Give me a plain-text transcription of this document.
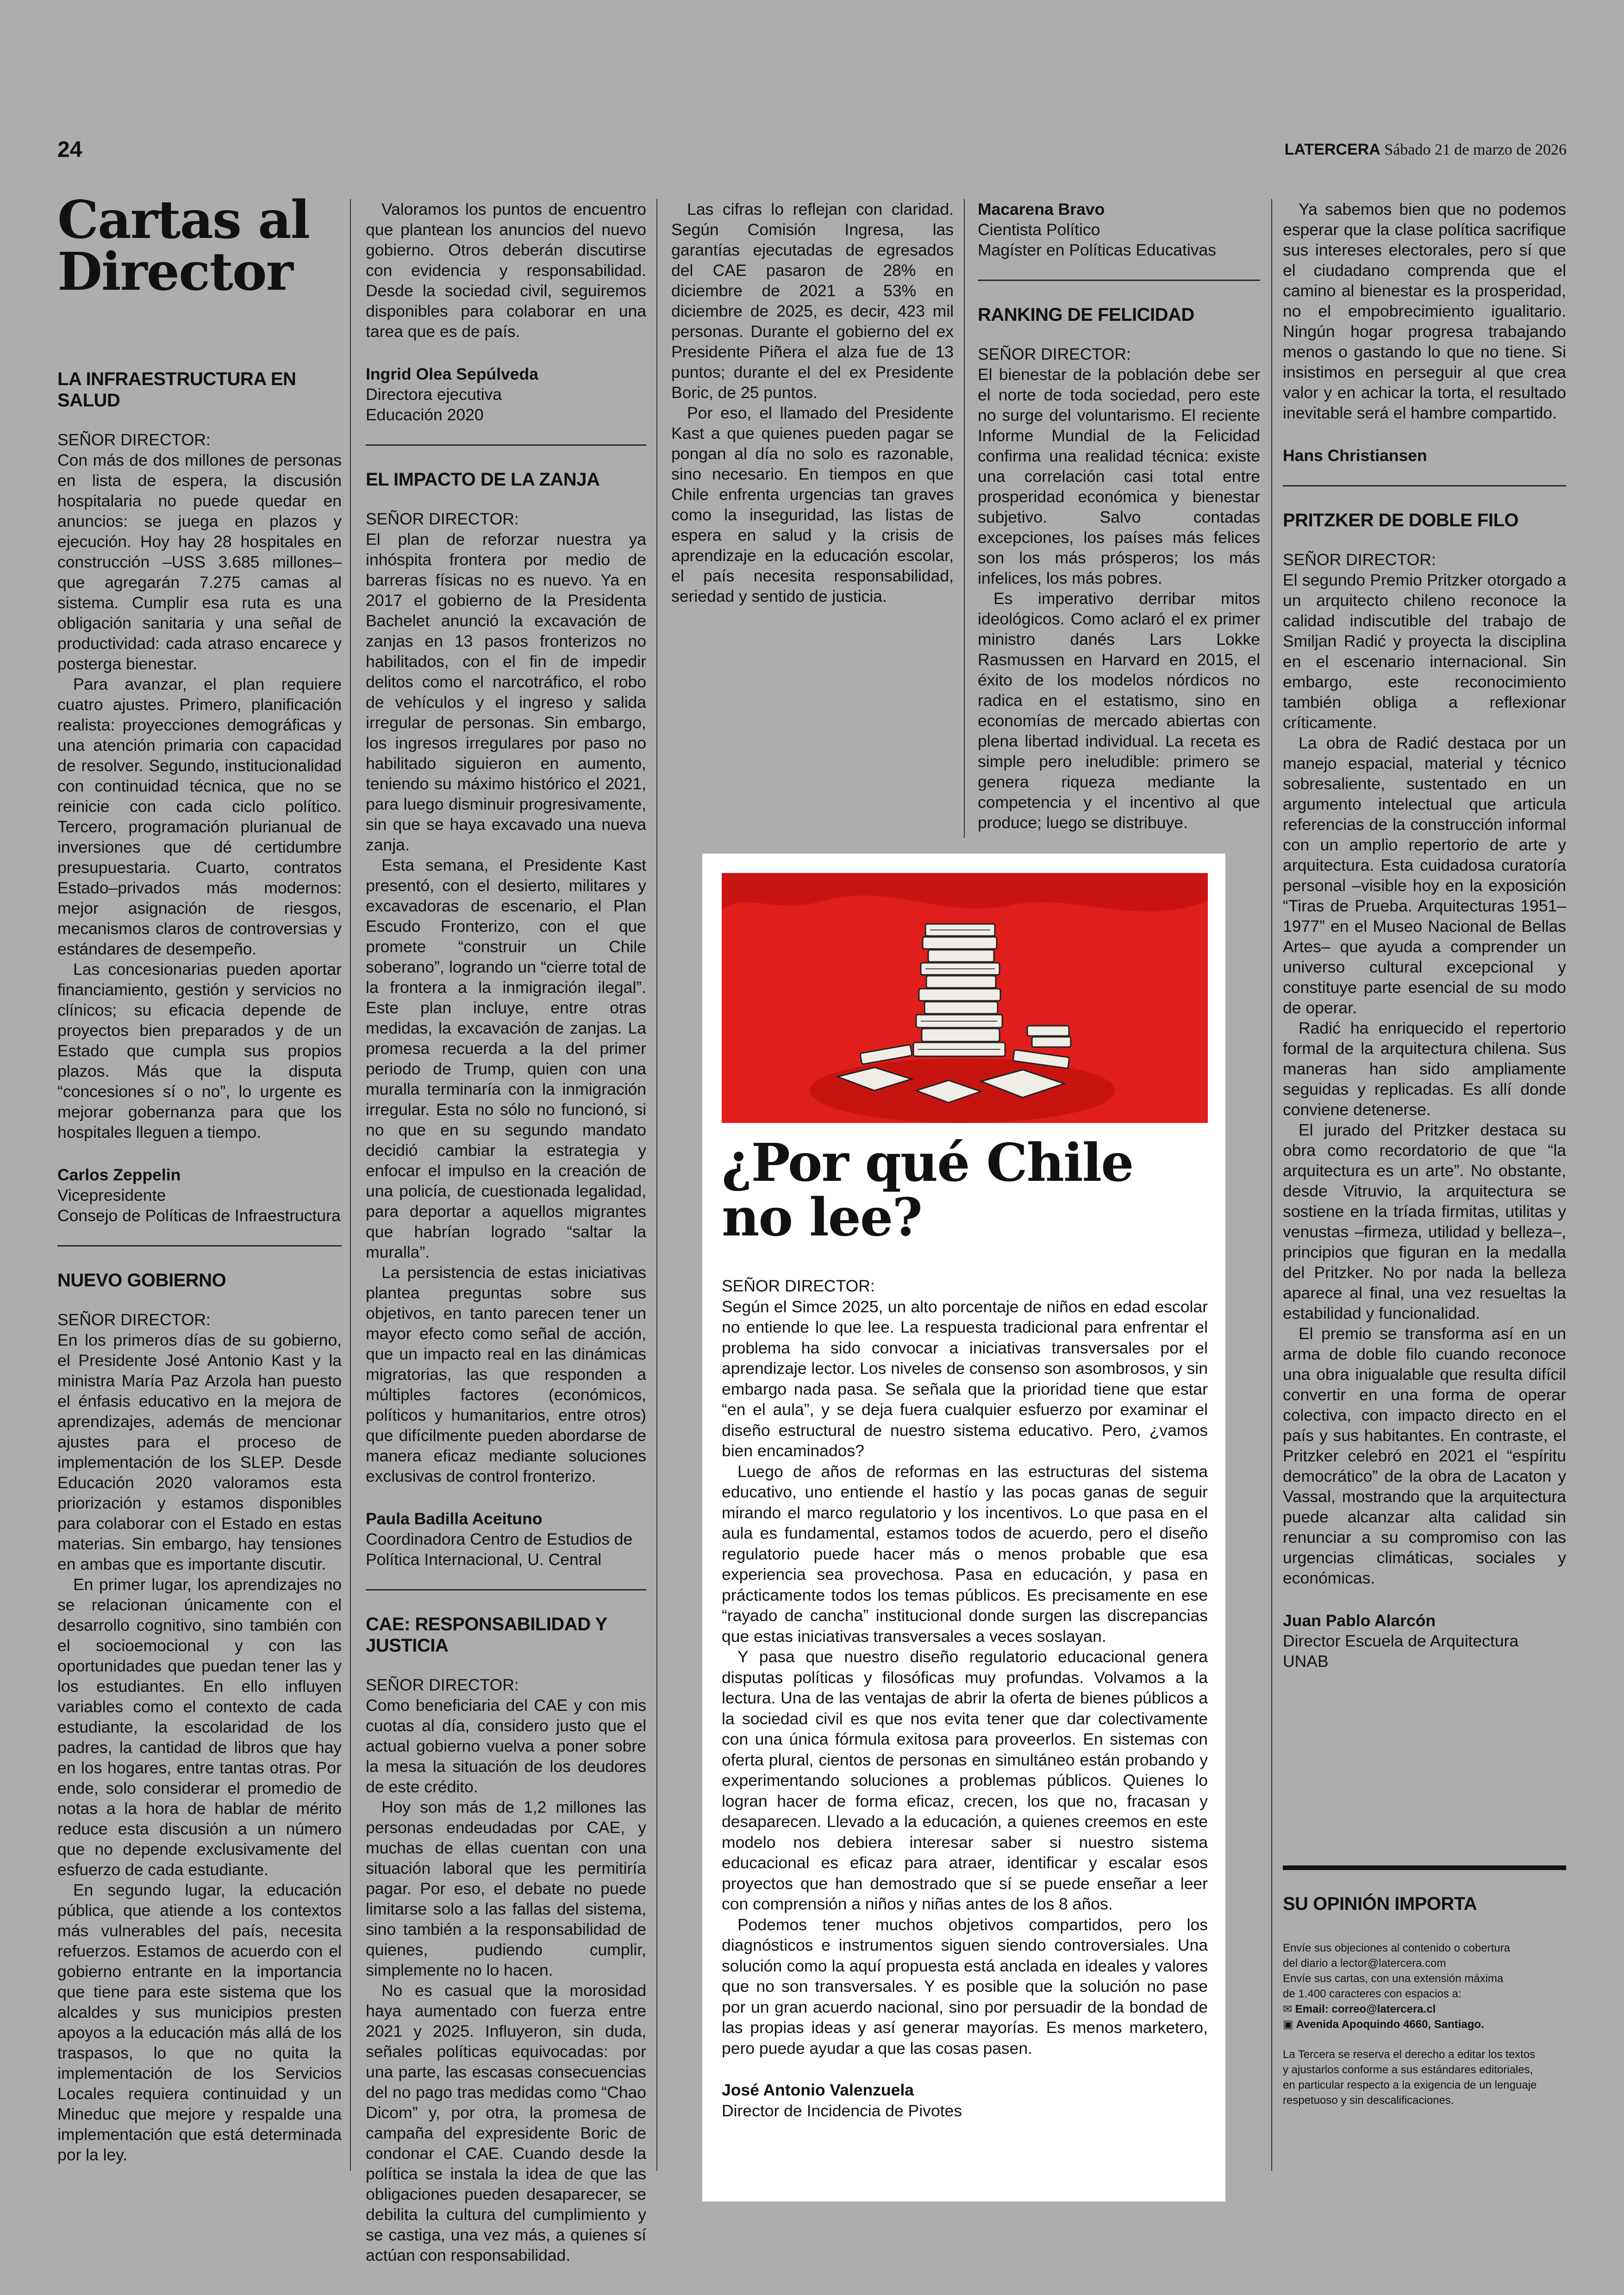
24	LATERCERA Sábado 21 de marzo de 2026
Cartas al Director
LA INFRAESTRUCTURA EN SALUD

SEÑOR DIRECTOR:

Con más de dos millones de personas en lista de espera, la discusión hospitalaria no puede quedar en anuncios: se juega en plazos y ejecución. Hoy hay 28 hospitales en construcción –USS 3.685 millones– que agregarán 7.275 camas al sistema. Cumplir esa ruta es una obligación sanitaria y una señal de productividad: cada atraso encarece y posterga bienestar.

Para avanzar, el plan requiere cuatro ajustes. Primero, planificación realista: proyecciones demográficas y una atención primaria con capacidad de resolver. Segundo, institucionalidad con continuidad técnica, que no se reinicie con cada ciclo político. Tercero, programación plurianual de inversiones que dé certidumbre presupuestaria. Cuarto, contratos Estado–privados más modernos: mejor asignación de riesgos, mecanismos claros de controversias y estándares de desempeño.

Las concesionarias pueden aportar financiamiento, gestión y servicios no clínicos; su eficacia depende de proyectos bien preparados y de un Estado que cumpla sus propios plazos. Más que la disputa “concesiones sí o no”, lo urgente es mejorar gobernanza para que los hospitales lleguen a tiempo.

Carlos Zeppelin
Vicepresidente
Consejo de Políticas de Infraestructura
NUEVO GOBIERNO

SEÑOR DIRECTOR:

En los primeros días de su gobierno, el Presidente José Antonio Kast y la ministra María Paz Arzola han puesto el énfasis educativo en la mejora de aprendizajes, además de mencionar ajustes para el proceso de implementación de los SLEP. Desde Educación 2020 valoramos esta priorización y estamos disponibles para colaborar con el Estado en estas materias. Sin embargo, hay tensiones en ambas que es importante discutir.

En primer lugar, los aprendizajes no se relacionan únicamente con el desarrollo cognitivo, sino también con el socioemocional y con las oportunidades que puedan tener las y los estudiantes. En ello influyen variables como el contexto de cada estudiante, la escolaridad de los padres, la cantidad de libros que hay en los hogares, entre tantas otras. Por ende, solo considerar el promedio de notas a la hora de hablar de mérito reduce esta discusión a un número que no depende exclusivamente del esfuerzo de cada estudiante.

En segundo lugar, la educación pública, que atiende a los contextos más vulnerables del país, necesita refuerzos. Estamos de acuerdo con el gobierno entrante en la importancia que tiene para este sistema que los alcaldes y sus municipios presten apoyos a la educación más allá de los traspasos, lo que no quita la implementación de los Servicios Locales requiera continuidad y un Mineduc que mejore y respalde una implementación que está determinada por la ley.

Valoramos los puntos de encuentro que plantean los anuncios del nuevo gobierno. Otros deberán discutirse con evidencia y responsabilidad. Desde la sociedad civil, seguiremos disponibles para colaborar en una tarea que es de país.

Ingrid Olea Sepúlveda
Directora ejecutiva
Educación 2020
EL IMPACTO DE LA ZANJA

SEÑOR DIRECTOR:

El plan de reforzar nuestra ya inhóspita frontera por medio de barreras físicas no es nuevo. Ya en 2017 el gobierno de la Presidenta Bachelet anunció la excavación de zanjas en 13 pasos fronterizos no habilitados, con el fin de impedir delitos como el narcotráfico, el robo de vehículos y el ingreso y salida irregular de personas. Sin embargo, los ingresos irregulares por paso no habilitado siguieron en aumento, teniendo su máximo histórico el 2021, para luego disminuir progresivamente, sin que se haya excavado una nueva zanja.

Esta semana, el Presidente Kast presentó, con el desierto, militares y excavadoras de escenario, el Plan Escudo Fronterizo, con el que promete “construir un Chile soberano”, logrando un “cierre total de la frontera a la inmigración ilegal”. Este plan incluye, entre otras medidas, la excavación de zanjas. La promesa recuerda a la del primer periodo de Trump, quien con una muralla terminaría con la inmigración irregular. Esta no sólo no funcionó, si no que en su segundo mandato decidió cambiar la estrategia y enfocar el impulso en la creación de una policía, de cuestionada legalidad, para deportar a aquellos migrantes que habrían logrado “saltar la muralla”.

La persistencia de estas iniciativas plantea preguntas sobre sus objetivos, en tanto parecen tener un mayor efecto como señal de acción, que un impacto real en las dinámicas migratorias, las que responden a múltiples factores (económicos, políticos y humanitarios, entre otros) que difícilmente pueden abordarse de manera eficaz mediante soluciones exclusivas de control fronterizo.

Paula Badilla Aceituno
Coordinadora Centro de Estudios de
Política Internacional, U. Central
CAE: RESPONSABILIDAD Y JUSTICIA

SEÑOR DIRECTOR:

Como beneficiaria del CAE y con mis cuotas al día, considero justo que el actual gobierno vuelva a poner sobre la mesa la situación de los deudores de este crédito.

Hoy son más de 1,2 millones las personas endeudadas por CAE, y muchas de ellas cuentan con una situación laboral que les permitiría pagar. Por eso, el debate no puede limitarse solo a las fallas del sistema, sino también a la responsabilidad de quienes, pudiendo cumplir, simplemente no lo hacen.

No es casual que la morosidad haya aumentado con fuerza entre 2021 y 2025. Influyeron, sin duda, señales políticas equivocadas: por una parte, las escasas consecuencias del no pago tras medidas como “Chao Dicom” y, por otra, la promesa de campaña del expresidente Boric de condonar el CAE. Cuando desde la política se instala la idea de que las obligaciones pueden desaparecer, se debilita la cultura del cumplimiento y se castiga, una vez más, a quienes sí actúan con responsabilidad.

Las cifras lo reflejan con claridad. Según Comisión Ingresa, las garantías ejecutadas de egresados del CAE pasaron de 28% en diciembre de 2021 a 53% en diciembre de 2025, es decir, 423 mil personas. Durante el gobierno del ex Presidente Piñera el alza fue de 13 puntos; durante el del ex Presidente Boric, de 25 puntos.

Por eso, el llamado del Presidente Kast a que quienes pueden pagar se pongan al día no solo es razonable, sino necesario. En tiempos en que Chile enfrenta urgencias tan graves como la inseguridad, las listas de espera en salud y la crisis de aprendizaje en la educación escolar, el país necesita responsabilidad, seriedad y sentido de justicia.

Macarena Bravo
Cientista Político
Magíster en Políticas Educativas
RANKING DE FELICIDAD

SEÑOR DIRECTOR:

El bienestar de la población debe ser el norte de toda sociedad, pero este no surge del voluntarismo. El reciente Informe Mundial de la Felicidad confirma una realidad técnica: existe una correlación casi total entre prosperidad económica y bienestar subjetivo. Salvo contadas excepciones, los países más felices son los más prósperos; los más infelices, los más pobres.

Es imperativo derribar mitos ideológicos. Como aclaró el ex primer ministro danés Lars Lokke Rasmussen en Harvard en 2015, el éxito de los modelos nórdicos no radica en el estatismo, sino en economías de mercado abiertas con plena libertad individual. La receta es simple pero ineludible: primero se genera riqueza mediante la competencia y el incentivo al que produce; luego se distribuye.

Ya sabemos bien que no podemos esperar que la clase política sacrifique sus intereses electorales, pero sí que el ciudadano comprenda que el camino al bienestar es la prosperidad, no el empobrecimiento igualitario. Ningún hogar progresa trabajando menos o gastando lo que no tiene. Si insistimos en perseguir al que crea valor y en achicar la torta, el resultado inevitable será el hambre compartido.

Hans Christiansen
PRITZKER DE DOBLE FILO

SEÑOR DIRECTOR:

El segundo Premio Pritzker otorgado a un arquitecto chileno reconoce la calidad indiscutible del trabajo de Smiljan Radić y proyecta la disciplina en el escenario internacional. Sin embargo, este reconocimiento también obliga a reflexionar críticamente.

La obra de Radić destaca por un manejo espacial, material y técnico sobresaliente, sustentado en un argumento intelectual que articula referencias de la construcción informal con un amplio repertorio de arte y arquitectura. Esta cuidadosa curatoría personal –visible hoy en la exposición “Tiras de Prueba. Arquitecturas 1951–1977” en el Museo Nacional de Bellas Artes– que ayuda a comprender un universo cultural excepcional y constituye parte esencial de su modo de operar.

Radić ha enriquecido el repertorio formal de la arquitectura chilena. Sus maneras han sido ampliamente seguidas y replicadas. Es allí donde conviene detenerse.

El jurado del Pritzker destaca su obra como recordatorio de que “la arquitectura es un arte”. No obstante, desde Vitruvio, la arquitectura se sostiene en la tríada firmitas, utilitas y venustas –firmeza, utilidad y belleza–, principios que figuran en la medalla del Pritzker. No por nada la belleza aparece al final, una vez resueltas la estabilidad y funcionalidad.

El premio se transforma así en un arma de doble filo cuando reconoce una obra inigualable que resulta difícil convertir en una forma de operar colectiva, con impacto directo en el país y sus habitantes. En contraste, el Pritzker celebró en 2021 el “espíritu democrático” de la obra de Lacaton y Vassal, mostrando que la arquitectura puede alcanzar alta calidad sin renunciar a su compromiso con las urgencias climáticas, sociales y económicas.

Juan Pablo Alarcón
Director Escuela de Arquitectura
UNAB
SU OPINIÓN IMPORTA

Envíe sus objeciones al contenido o cobertura

del diario a lector@latercera.com

Envíe sus cartas, con una extensión máxima

de 1.400 caracteres con espacios a:

✉ Email: correo@latercera.cl

▣ Avenida Apoquindo 4660, Santiago.

La Tercera se reserva el derecho a editar los textos

y ajustarlos conforme a sus estándares editoriales,

en particular respecto a la exigencia de un lenguaje

respetuoso y sin descalificaciones.

¿Por qué Chile no lee?

SEÑOR DIRECTOR:

Según el Simce 2025, un alto porcentaje de niños en edad escolar no entiende lo que lee. La respuesta tradicional para enfrentar el problema ha sido convocar a iniciativas transversales por el aprendizaje lector. Los niveles de consenso son asombrosos, y sin embargo nada pasa. Se señala que la prioridad tiene que estar “en el aula”, y se deja fuera cualquier esfuerzo por examinar el diseño estructural de nuestro sistema educativo. Pero, ¿vamos bien encaminados?

Luego de años de reformas en las estructuras del sistema educativo, uno entiende el hastío y las pocas ganas de seguir mirando el marco regulatorio y los incentivos. Lo que pasa en el aula es fundamental, estamos todos de acuerdo, pero el diseño regulatorio puede hacer más o menos probable que esa experiencia sea provechosa. Pasa en educación, y pasa en prácticamente todos los temas públicos. Es precisamente en ese “rayado de cancha” institucional donde surgen las discrepancias que estas iniciativas transversales a veces soslayan.

Y pasa que nuestro diseño regulatorio educacional genera disputas políticas y filosóficas muy profundas. Volvamos a la lectura. Una de las ventajas de abrir la oferta de bienes públicos a la sociedad civil es que nos evita tener que dar colectivamente con una única fórmula exitosa para proveerlos. En sistemas con oferta plural, cientos de personas en simultáneo están probando y experimentando soluciones a problemas públicos. Quienes lo logran hacer de forma eficaz, crecen, los que no, fracasan y desaparecen. Llevado a la educación, a quienes creemos en este modelo nos debiera interesar saber si nuestro sistema educacional es eficaz para atraer, identificar y escalar esos proyectos que han demostrado que sí se puede enseñar a leer con comprensión a niños y niñas antes de los 8 años.

Podemos tener muchos objetivos compartidos, pero los diagnósticos e instrumentos siguen siendo controversiales. Una solución como la aquí propuesta está anclada en ideales y valores que no son transversales. Y es posible que la solución no pase por un gran acuerdo nacional, sino por persuadir de la bondad de las propias ideas y así generar mayorías. Es menos marketero, pero puede ayudar a que las cosas pasen.

José Antonio Valenzuela
Director de Incidencia de Pivotes
